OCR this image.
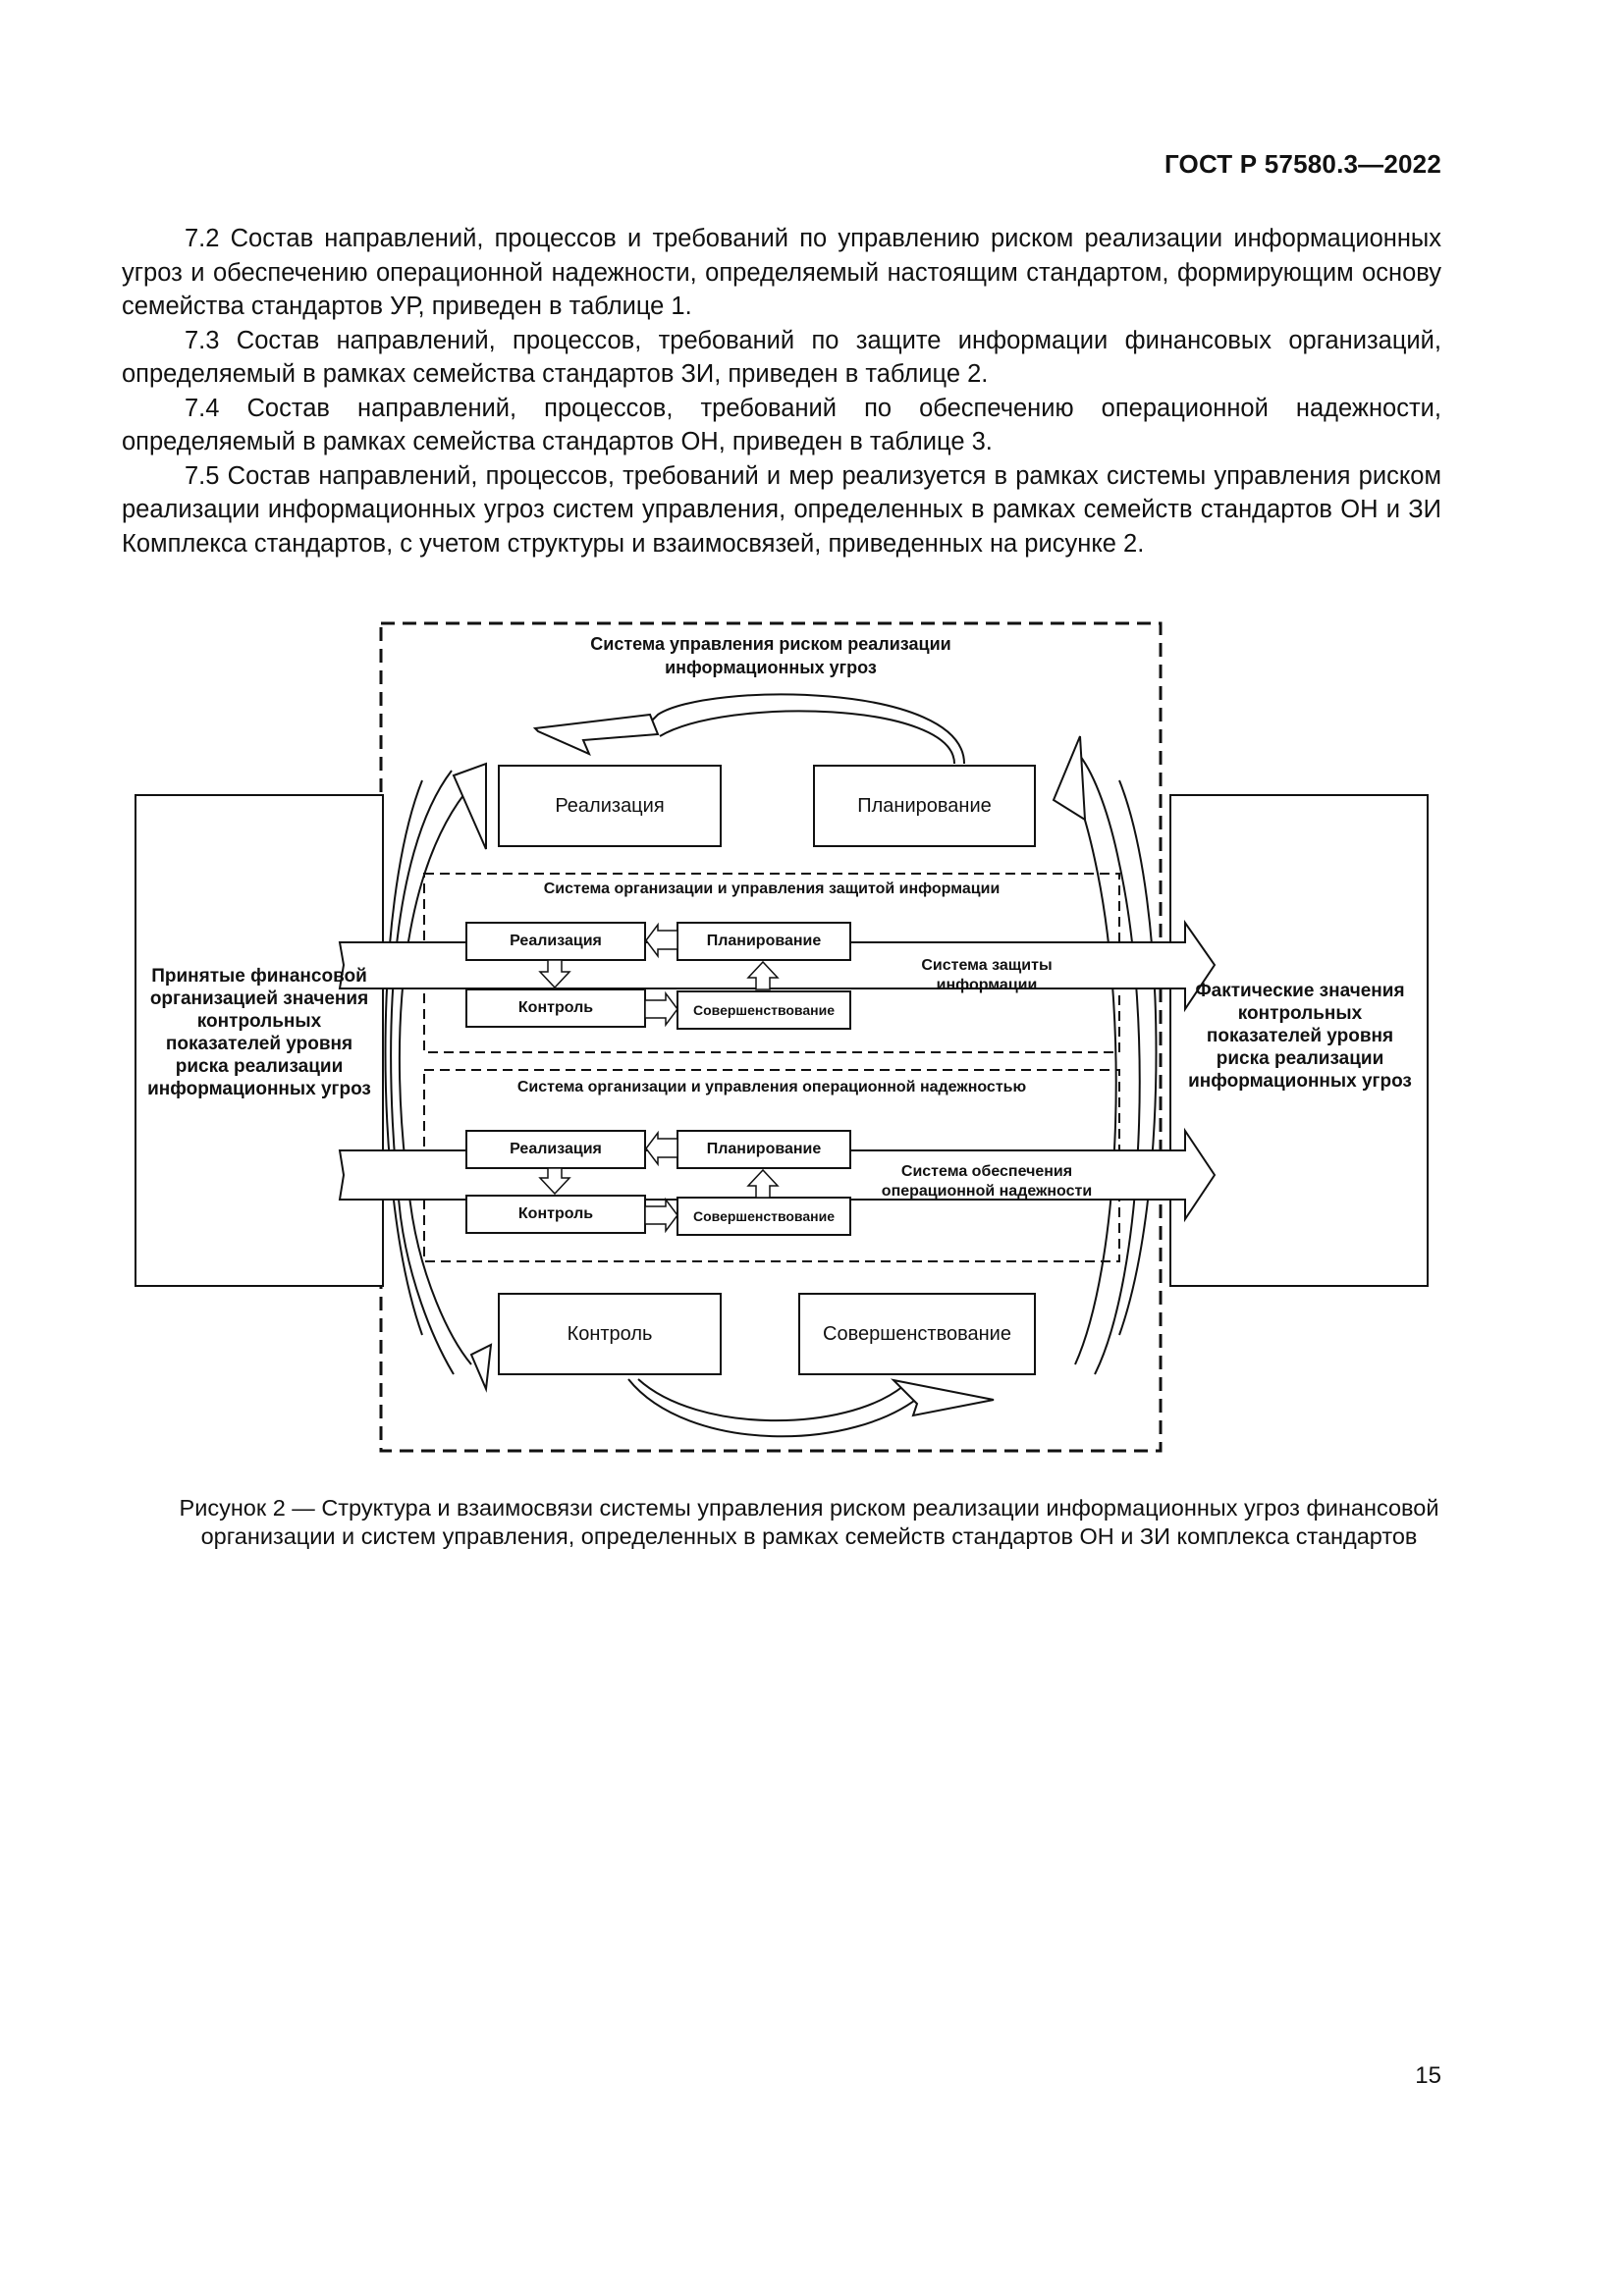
ГОСТ Р 57580.3—2022

7.2 Состав направлений, процессов и требований по управлению риском реализации информационных угроз и обеспечению операционной надежности, определяемый настоящим стандартом, формирующим основу семейства стандартов УР, приведен в таблице 1.

7.3 Состав направлений, процессов, требований по защите информации финансовых организаций, определяемый в рамках семейства стандартов ЗИ, приведен в таблице 2.

7.4 Состав направлений, процессов, требований по обеспечению операционной надежности, определяемый в рамках семейства стандартов ОН, приведен в таблице 3.

7.5 Состав направлений, процессов, требований и мер реализуется в рамках системы управления риском реализации информационных угроз систем управления, определенных в рамках семейств стандартов ОН и ЗИ Комплекса стандартов, с учетом структуры и взаимосвязей, приведенных на рисунке 2.

Система управления риском реализации информационных угроз
Реализация	Планирование
Контроль	Совершенствование
Принятые финансовой организацией значения контрольных показателей уровня риска реализации информационных угроз
Фактические значения контрольных показателей уровня риска реализации информационных угроз
Система организации и управления защитой информации
Реализация	Планирование
Контроль	Совершенствование
Система защиты информации
Система организации и управления операционной надежностью
Реализация	Планирование
Контроль	Совершенствование
Система обеспечения операционной надежности
Рисунок 2 — Структура и взаимосвязи системы управления риском реализации информационных угроз финансовой организации и систем управления, определенных в рамках семейств стандартов ОН и ЗИ комплекса стандартов
15
